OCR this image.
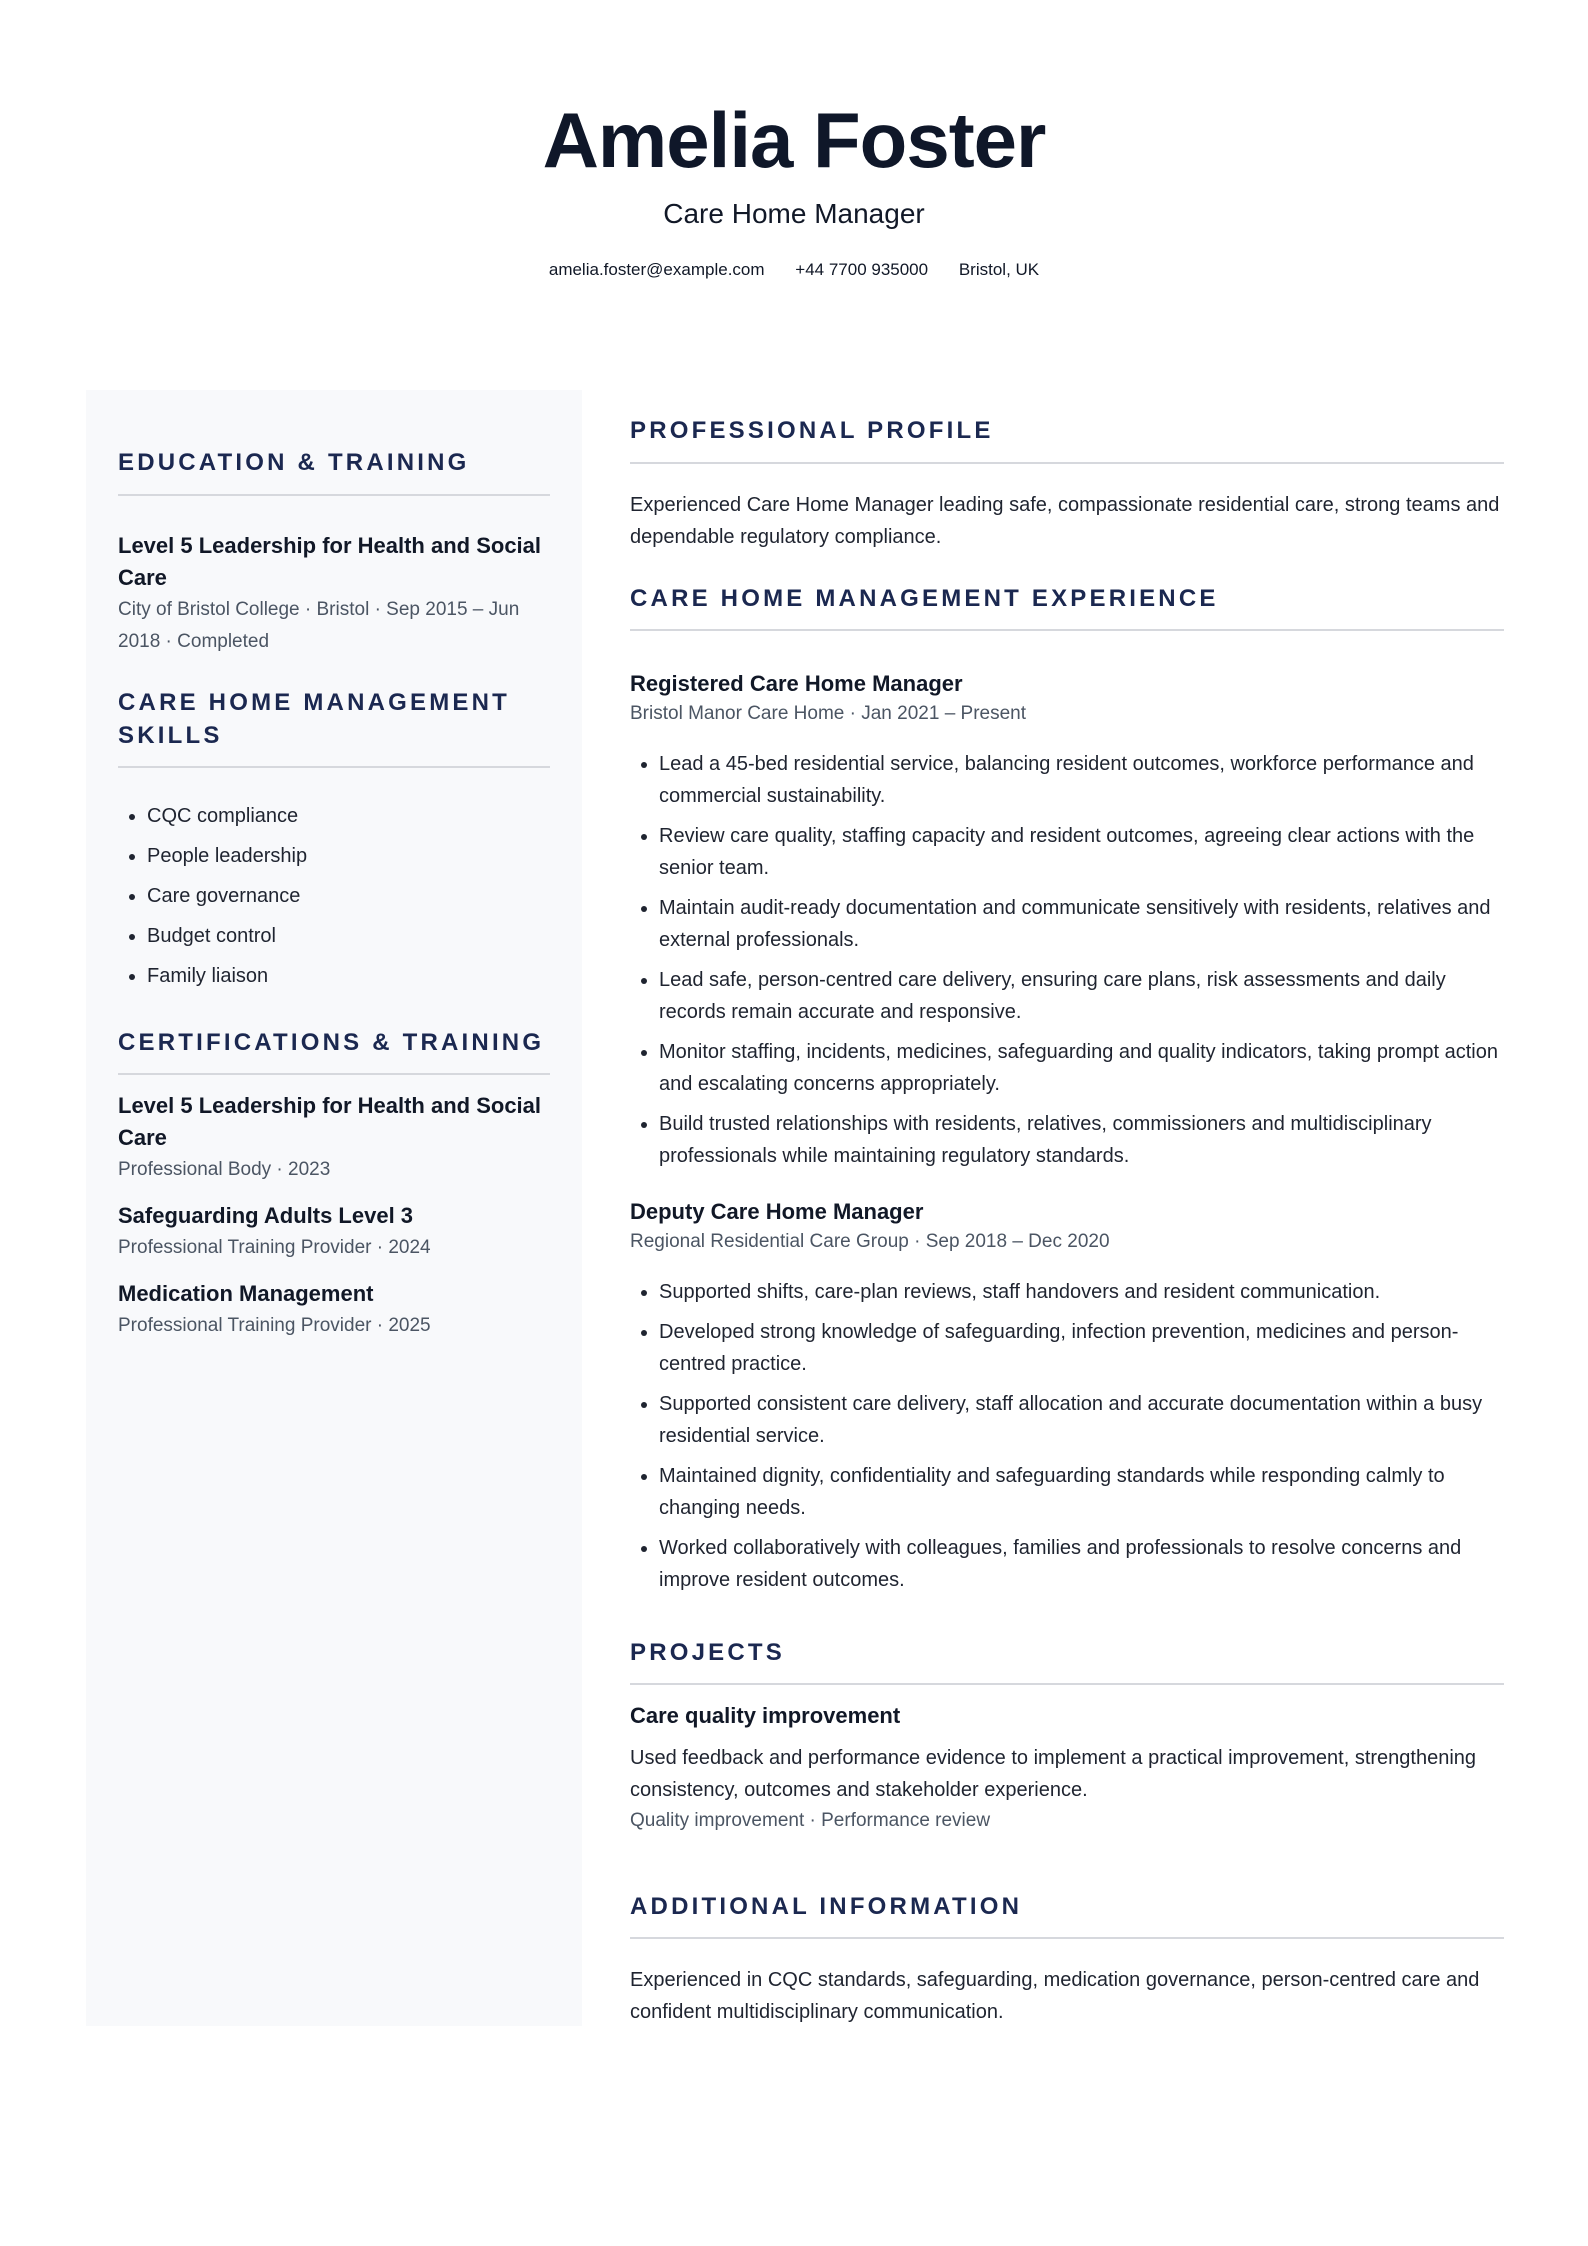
Amelia Foster
Care Home Manager
amelia.foster@example.com +44 7700 935000 Bristol, UK
EDUCATION & TRAINING
Level 5 Leadership for Health and Social Care
City of Bristol College · Bristol · Sep 2015 – Jun 2018 · Completed
CARE HOME MANAGEMENT SKILLS
• CQC compliance
• People leadership
• Care governance
• Budget control
• Family liaison
CERTIFICATIONS & TRAINING
Level 5 Leadership for Health and Social Care
Professional Body · 2023
Safeguarding Adults Level 3
Professional Training Provider · 2024
Medication Management
Professional Training Provider · 2025
PROFESSIONAL PROFILE
Experienced Care Home Manager leading safe, compassionate residential care, strong teams and dependable regulatory compliance.
CARE HOME MANAGEMENT EXPERIENCE
Registered Care Home Manager
Bristol Manor Care Home · Jan 2021 – Present
• Lead a 45-bed residential service, balancing resident outcomes, workforce performance and commercial sustainability.
• Review care quality, staffing capacity and resident outcomes, agreeing clear actions with the senior team.
• Maintain audit-ready documentation and communicate sensitively with residents, relatives and external professionals.
• Lead safe, person-centred care delivery, ensuring care plans, risk assessments and daily records remain accurate and responsive.
• Monitor staffing, incidents, medicines, safeguarding and quality indicators, taking prompt action and escalating concerns appropriately.
• Build trusted relationships with residents, relatives, commissioners and multidisciplinary professionals while maintaining regulatory standards.
Deputy Care Home Manager
Regional Residential Care Group · Sep 2018 – Dec 2020
• Supported shifts, care-plan reviews, staff handovers and resident communication.
• Developed strong knowledge of safeguarding, infection prevention, medicines and person-centred practice.
• Supported consistent care delivery, staff allocation and accurate documentation within a busy residential service.
• Maintained dignity, confidentiality and safeguarding standards while responding calmly to changing needs.
• Worked collaboratively with colleagues, families and professionals to resolve concerns and improve resident outcomes.
PROJECTS
Care quality improvement
Used feedback and performance evidence to implement a practical improvement, strengthening consistency, outcomes and stakeholder experience.
Quality improvement · Performance review
ADDITIONAL INFORMATION
Experienced in CQC standards, safeguarding, medication governance, person-centred care and confident multidisciplinary communication.
